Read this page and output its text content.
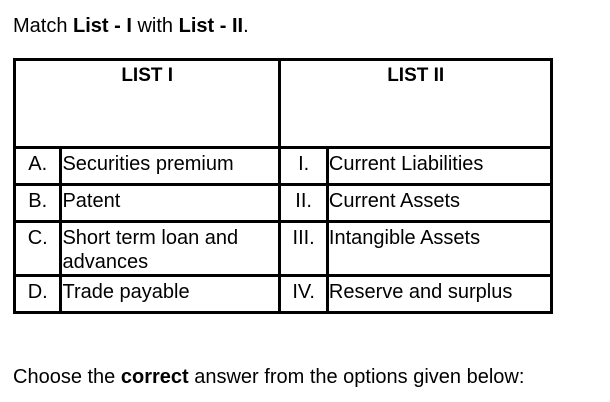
Match List - I with List - II.
LIST I		LIST II	
A.	Securities premium	I.	Current Liabilities
B.	Patent	II.	Current Assets
C.	Short term loan and advances	III.	Intangible Assets
D.	Trade payable	IV.	Reserve and surplus
Choose the correct answer from the options given below:
